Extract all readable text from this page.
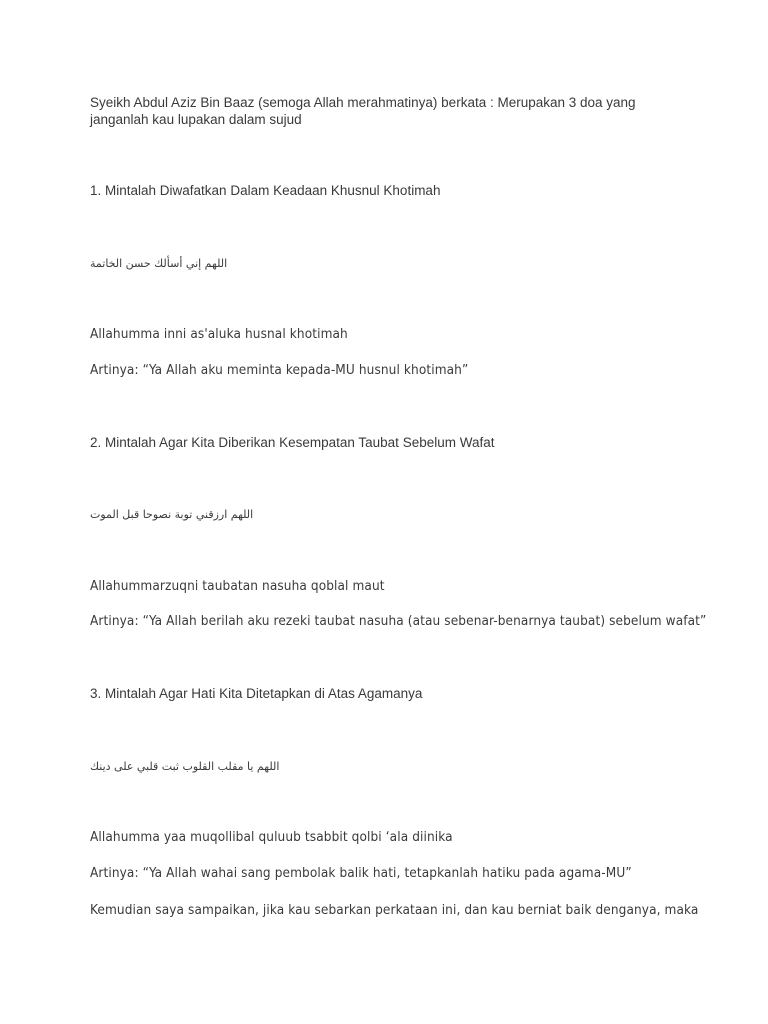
Syeikh Abdul Aziz Bin Baaz (semoga Allah merahmatinya) berkata : Merupakan 3 doa yang

janganlah kau lupakan dalam sujud

1. Mintalah Diwafatkan Dalam Keadaan Khusnul Khotimah

اللهم إني أسألك حسن الخاتمة

Allahumma inni as'aluka husnal khotimah

Artinya: “Ya Allah aku meminta kepada-MU husnul khotimah”

2. Mintalah Agar Kita Diberikan Kesempatan Taubat Sebelum Wafat

اللهم ارزقني توبة نصوحا قبل الموت

Allahummarzuqni taubatan nasuha qoblal maut

Artinya: “Ya Allah berilah aku rezeki taubat nasuha (atau sebenar-benarnya taubat) sebelum wafat”

3. Mintalah Agar Hati Kita Ditetapkan di Atas Agamanya

اللهم يا مقلب القلوب ثبت قلبي على دينك

Allahumma yaa muqollibal quluub tsabbit qolbi ‘ala diinika

Artinya: “Ya Allah wahai sang pembolak balik hati, tetapkanlah hatiku pada agama-MU”

Kemudian saya sampaikan, jika kau sebarkan perkataan ini, dan kau berniat baik denganya, maka
